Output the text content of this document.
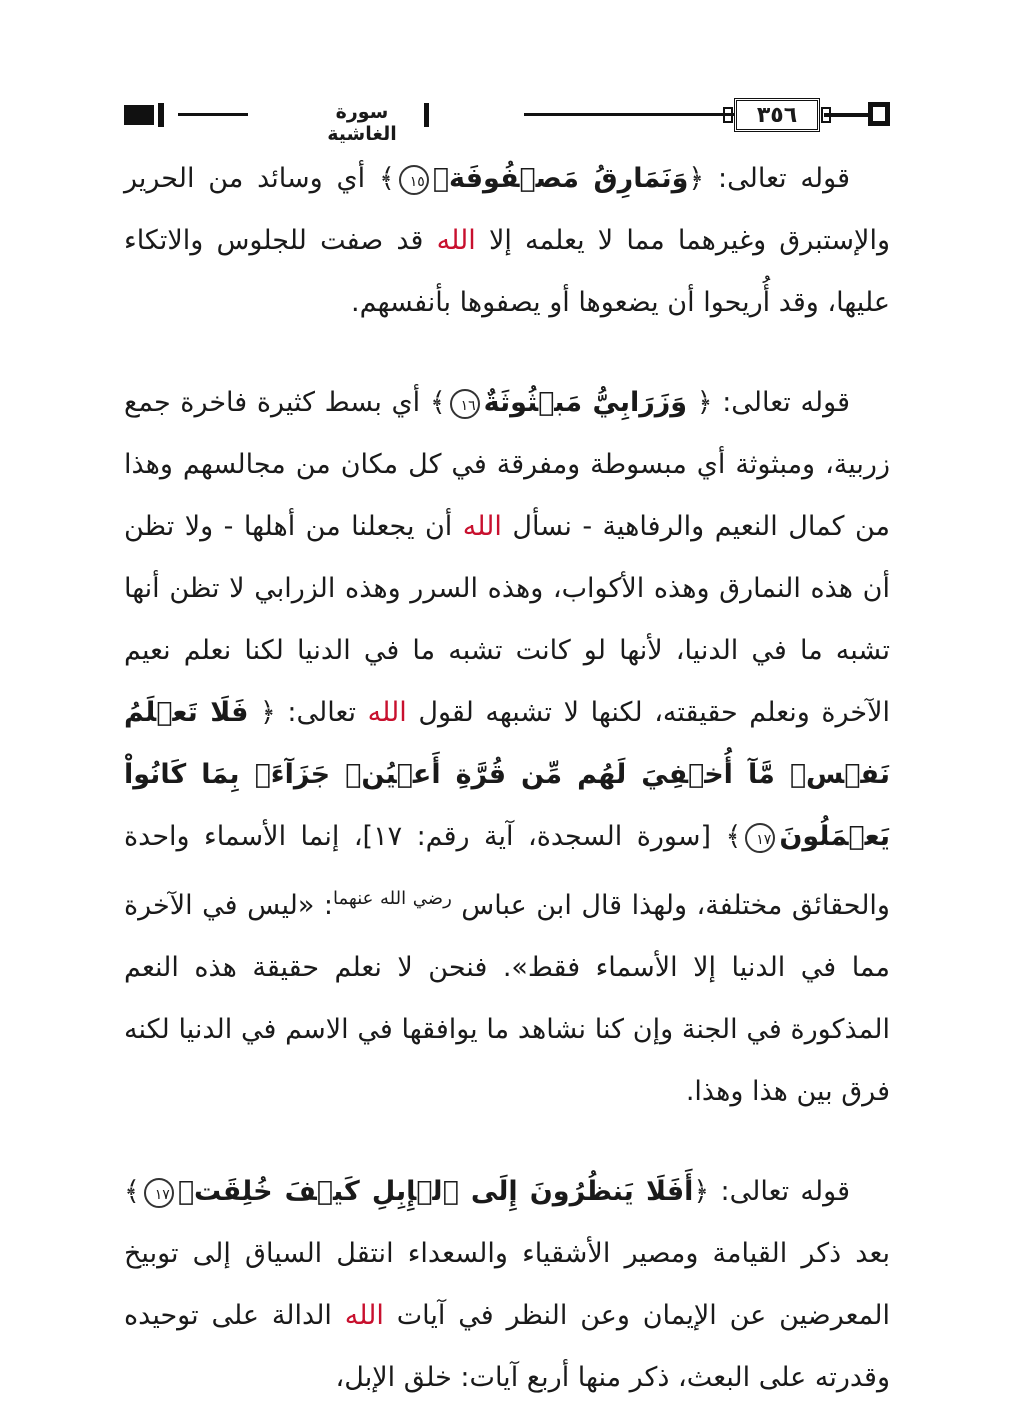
سورة الغاشية
٣٥٦

قوله تعالى: ﴿وَنَمَارِقُ مَصۡفُوفَةٞ١٥﴾ أي وسائد من الحرير والإستبرق وغيرهما مما لا يعلمه إلا الله قد صفت للجلوس والاتكاء عليها، وقد أُريحوا أن يضعوها أو يصفوها بأنفسهم.

قوله تعالى: ﴿ وَزَرَابِيُّ مَبۡثُوثَةٌ١٦﴾ أي بسط كثيرة فاخرة جمع زربية، ومبثوثة أي مبسوطة ومفرقة في كل مكان من مجالسهم وهذا من كمال النعيم والرفاهية - نسأل الله أن يجعلنا من أهلها - ولا تظن أن هذه النمارق وهذه الأكواب، وهذه السرر وهذه الزرابي لا تظن أنها تشبه ما في الدنيا، لأنها لو كانت تشبه ما في الدنيا لكنا نعلم نعيم الآخرة ونعلم حقيقته، لكنها لا تشبهه لقول الله تعالى: ﴿ فَلَا تَعۡلَمُ نَفۡسٞ مَّآ أُخۡفِيَ لَهُم مِّن قُرَّةِ أَعۡيُنٖ جَزَآءَۢ بِمَا كَانُواْ يَعۡمَلُونَ١٧﴾ [سورة السجدة، آية رقم: ١٧]، إنما الأسماء واحدة والحقائق مختلفة، ولهذا قال ابن عباس $^{رضي الله عنهما}$: «ليس في الآخرة مما في الدنيا إلا الأسماء فقط». فنحن لا نعلم حقيقة هذه النعم المذكورة في الجنة وإن كنا نشاهد ما يوافقها في الاسم في الدنيا لكنه فرق بين هذا وهذا.

قوله تعالى: ﴿أَفَلَا يَنظُرُونَ إِلَى ٱلۡإِبِلِ كَيۡفَ خُلِقَتۡ١٧﴾ بعد ذكر القيامة ومصير الأشقياء والسعداء انتقل السياق إلى توبيخ المعرضين عن الإيمان وعن النظر في آيات الله الدالة على توحيده وقدرته على البعث، ذكر منها أربع آيات: خلق الإبل،
